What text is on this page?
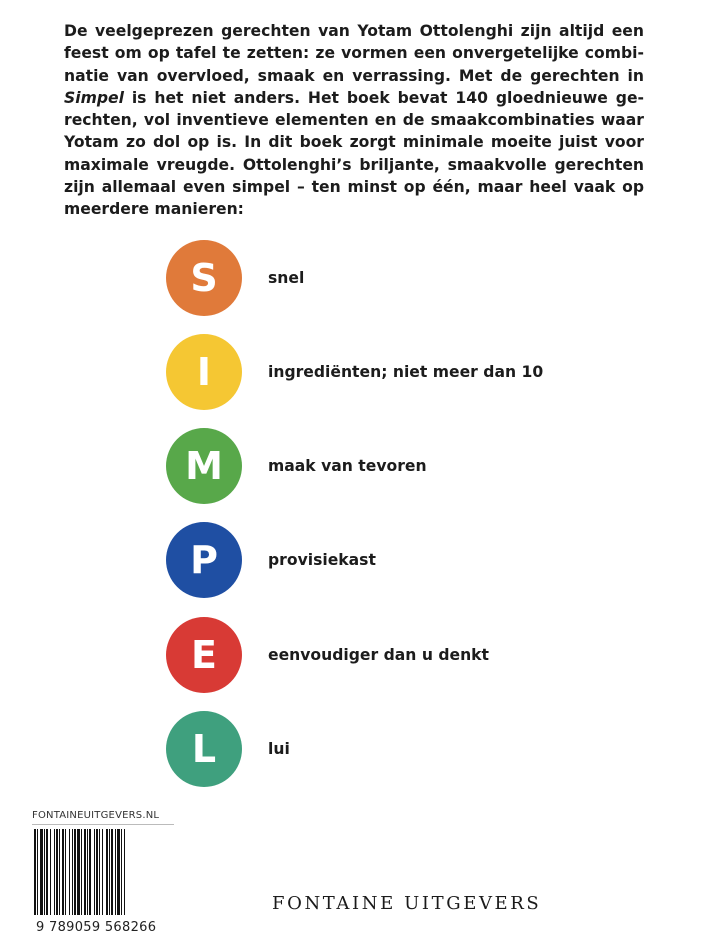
De veelgeprezen gerechten van Yotam Ottolenghi zijn altijd een
feest om op tafel te zetten: ze vormen een onvergetelijke combi-
natie van overvloed, smaak en verrassing. Met de gerechten in
Simpel is het niet anders. Het boek bevat 140 gloednieuwe ge-
rechten, vol inventieve elementen en de smaakcombinaties waar
Yotam zo dol op is. In dit boek zorgt minimale moeite juist voor
maximale vreugde. Ottolenghi’s briljante, smaakvolle gerechten
zijn allemaal even simpel – ten minst op één, maar heel vaak op
meerdere manieren:
S	snel
I	ingrediënten; niet meer dan 10
M	maak van tevoren
P	provisiekast
E	eenvoudiger dan u denkt
L	lui
FONTAINEUITGEVERS.NL
9 789059 568266
FONTAINE UITGEVERS
